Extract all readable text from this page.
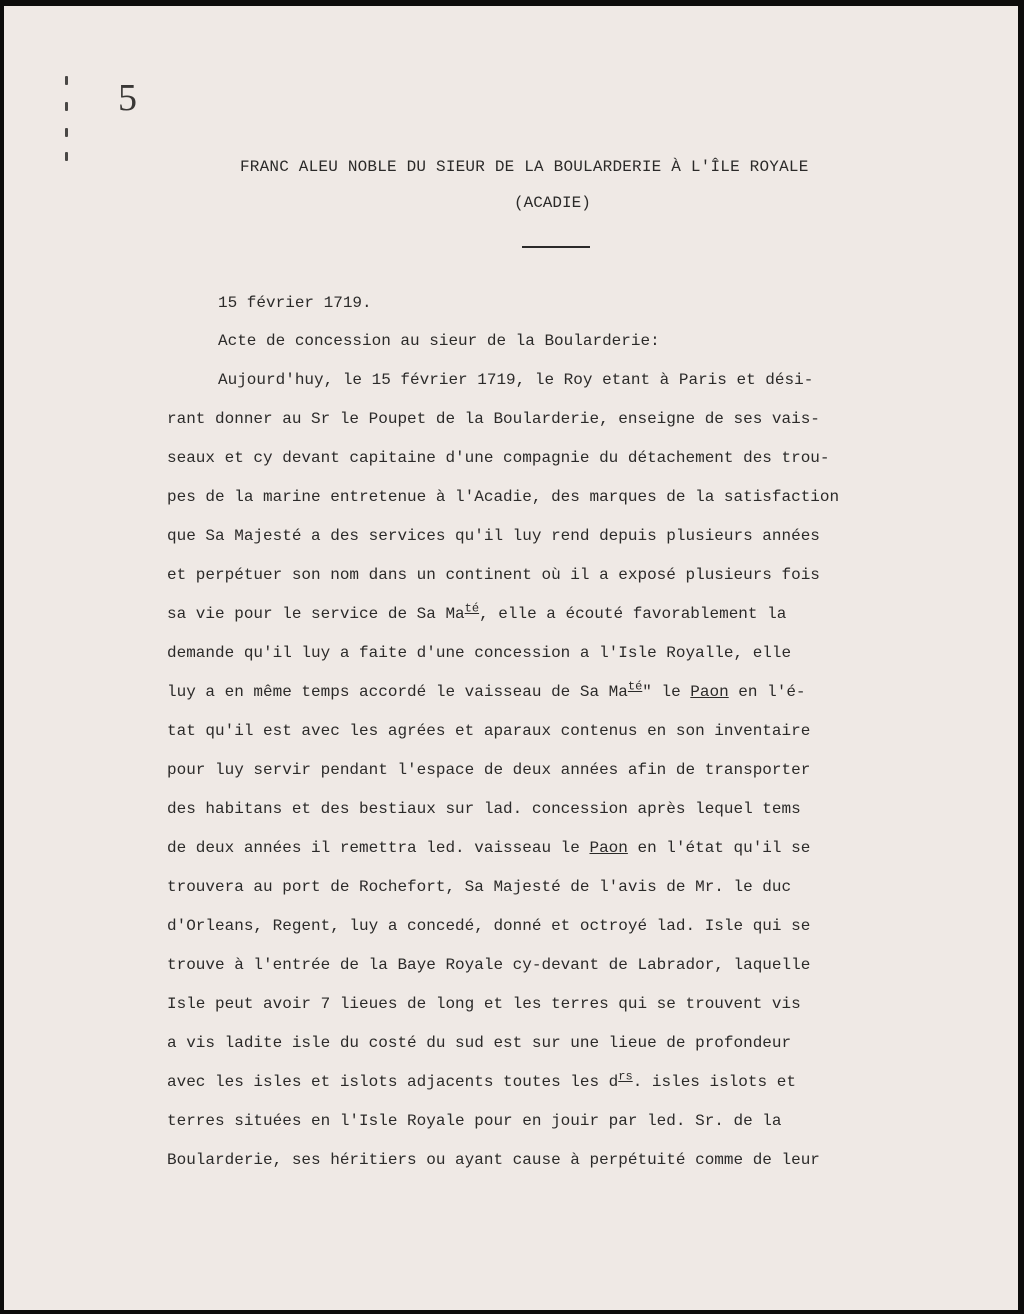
5
FRANC ALEU NOBLE DU SIEUR DE LA BOULARDERIE À L'ÎLE ROYALE
(ACADIE)
15 février 1719.
Acte de concession au sieur de la Boularderie:
Aujourd'huy, le 15 février 1719, le Roy etant à Paris et dési-
rant donner au Sr le Poupet de la Boularderie, enseigne de ses vais-
seaux et cy devant capitaine d'une compagnie du détachement des trou-
pes de la marine entretenue à l'Acadie, des marques de la satisfaction
que Sa Majesté a des services qu'il luy rend depuis plusieurs années
et perpétuer son nom dans un continent où il a exposé plusieurs fois
sa vie pour le service de Sa $Ma^{té}$, elle a écouté favorablement la
demande qu'il luy a faite d'une concession a l'Isle Royalle, elle
luy a en même temps accordé le vaisseau de Sa $Ma^{té}$" le Paon en l'é-
tat qu'il est avec les agrées et aparaux contenus en son inventaire
pour luy servir pendant l'espace de deux années afin de transporter
des habitans et des bestiaux sur lad. concession après lequel tems
de deux années il remettra led. vaisseau le Paon en l'état qu'il se
trouvera au port de Rochefort, Sa Majesté de l'avis de Mr. le duc
d'Orleans, Regent, luy a concedé, donné et octroyé lad. Isle qui se
trouve à l'entrée de la Baye Royale cy-devant de Labrador, laquelle
Isle peut avoir 7 lieues de long et les terres qui se trouvent vis
a vis ladite isle du costé du sud est sur une lieue de profondeur
avec les isles et islots adjacents toutes les $d^{rs}$. isles islots et
terres situées en l'Isle Royale pour en jouir par led. Sr. de la
Boularderie, ses héritiers ou ayant cause à perpétuité comme de leur
